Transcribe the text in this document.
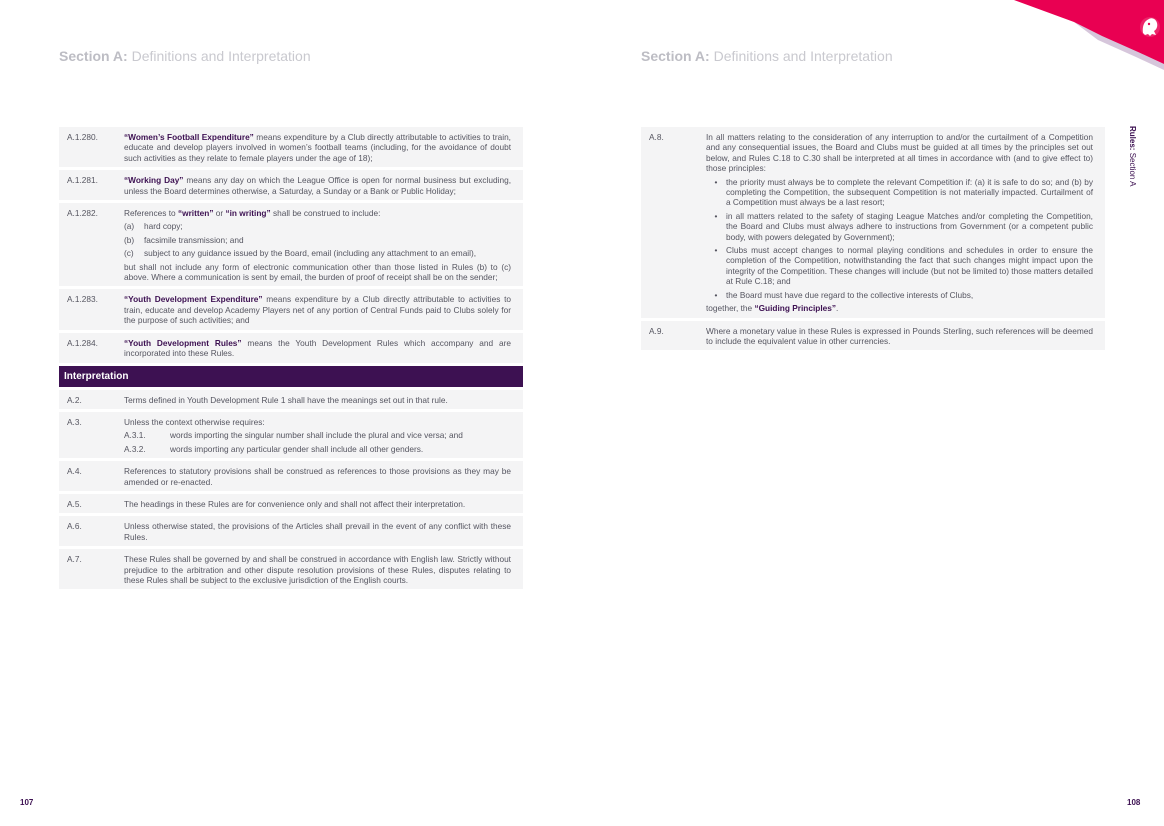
Section A: Definitions and Interpretation	Section A: Definitions and Interpretation
Rules: Section A
A.1.280.	“Women’s Football Expenditure” means expenditure by a Club directly attributable to activities to train, educate and develop players involved in women’s football teams (including, for the avoidance of doubt such activities as they relate to female players under the age of 18);
A.1.281.	“Working Day” means any day on which the League Office is open for normal business but excluding, unless the Board determines otherwise, a Saturday, a Sunday or a Bank or Public Holiday;
A.1.282.	References to “written” or “in writing” shall be construed to include:
(a)	hard copy;
(b)	facsimile transmission; and
(c)	subject to any guidance issued by the Board, email (including any attachment to an email),
but shall not include any form of electronic communication other than those listed in Rules (b) to (c) above. Where a communication is sent by email, the burden of proof of receipt shall be on the sender;
A.1.283.	“Youth Development Expenditure” means expenditure by a Club directly attributable to activities to train, educate and develop Academy Players net of any portion of Central Funds paid to Clubs solely for the purpose of such activities; and
A.1.284.	“Youth Development Rules” means the Youth Development Rules which accompany and are incorporated into these Rules.
Interpretation
A.2.	Terms defined in Youth Development Rule 1 shall have the meanings set out in that rule.
A.3.	Unless the context otherwise requires:
A.3.1.	words importing the singular number shall include the plural and vice versa; and
A.3.2.	words importing any particular gender shall include all other genders.
A.4.	References to statutory provisions shall be construed as references to those provisions as they may be amended or re-enacted.
A.5.	The headings in these Rules are for convenience only and shall not affect their interpretation.
A.6.	Unless otherwise stated, the provisions of the Articles shall prevail in the event of any conflict with these Rules.
A.7.	These Rules shall be governed by and shall be construed in accordance with English law. Strictly without prejudice to the arbitration and other dispute resolution provisions of these Rules, disputes relating to these Rules shall be subject to the exclusive jurisdiction of the English courts.
A.8.	In all matters relating to the consideration of any interruption to and/or the curtailment of a Competition and any consequential issues, the Board and Clubs must be guided at all times by the principles set out below, and Rules C.18 to C.30 shall be interpreted at all times in accordance with (and to give effect to) those principles:
•	the priority must always be to complete the relevant Competition if: (a) it is safe to do so; and (b) by completing the Competition, the subsequent Competition is not materially impacted. Curtailment of a Competition must always be a last resort;
•	in all matters related to the safety of staging League Matches and/or completing the Competition, the Board and Clubs must always adhere to instructions from Government (or a competent public body, with powers delegated by Government);
•	Clubs must accept changes to normal playing conditions and schedules in order to ensure the completion of the Competition, notwithstanding the fact that such changes might impact upon the integrity of the Competition. These changes will include (but not be limited to) those matters detailed at Rule C.18; and
•	the Board must have due regard to the collective interests of Clubs,
together, the “Guiding Principles”.
A.9.	Where a monetary value in these Rules is expressed in Pounds Sterling, such references will be deemed to include the equivalent value in other currencies.
107	108
